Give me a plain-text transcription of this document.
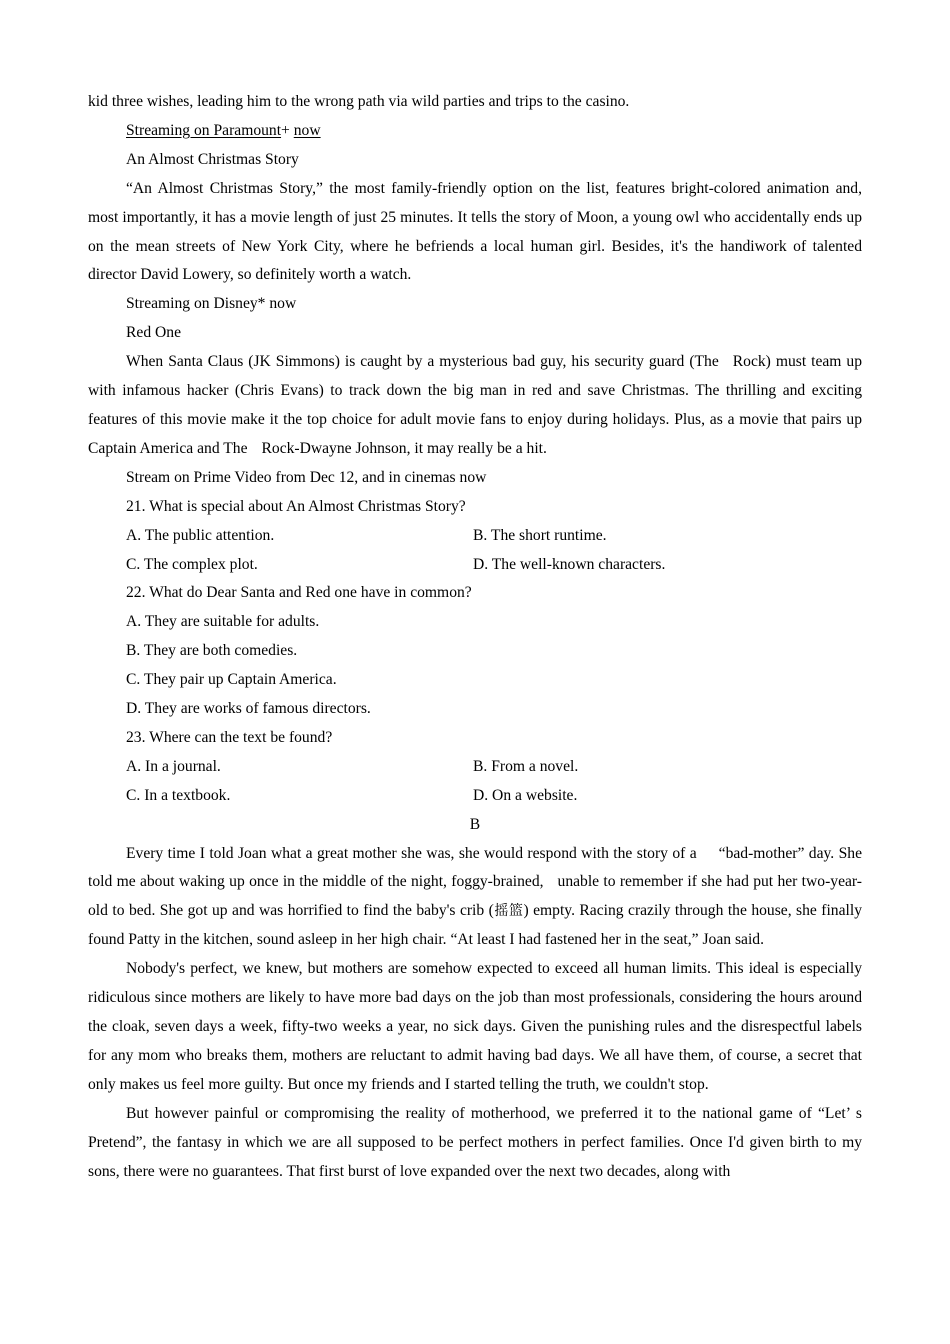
kid three wishes, leading him to the wrong path via wild parties and trips to the casino.

Streaming on Paramount+ now

An Almost Christmas Story

“An Almost Christmas Story,” the most family-friendly option on the list, features bright-colored animation and, most importantly, it has a movie length of just 25 minutes. It tells the story of Moon, a young owl who accidentally ends up on the mean streets of New York City, where he befriends a local human girl. Besides, it's the handiwork of talented director David Lowery, so definitely worth a watch.

Streaming on Disney* now

Red One

When Santa Claus (JK Simmons) is caught by a mysterious bad guy, his security guard (The Rock) must team up with infamous hacker (Chris Evans) to track down the big man in red and save Christmas. The thrilling and exciting features of this movie make it the top choice for adult movie fans to enjoy during holidays. Plus, as a movie that pairs up Captain America and The Rock-Dwayne Johnson, it may really be a hit.

Stream on Prime Video from Dec 12, and in cinemas now

21. What is special about An Almost Christmas Story?
A. The public attention.	B. The short runtime.
C. The complex plot.	D. The well-known characters.
22. What do Dear Santa and Red one have in common?
A. They are suitable for adults.
B. They are both comedies.
C. They pair up Captain America.
D. They are works of famous directors.
23. Where can the text be found?
A. In a journal.	B. From a novel.
C. In a textbook.	D. On a website.

B

Every time I told Joan what a great mother she was, she would respond with the story of a “bad-mother” day. She told me about waking up once in the middle of the night, foggy-brained, unable to remember if she had put her two-year-old to bed. She got up and was horrified to find the baby's crib (摇篮) empty. Racing crazily through the house, she finally found Patty in the kitchen, sound asleep in her high chair. “At least I had fastened her in the seat,” Joan said.

Nobody's perfect, we knew, but mothers are somehow expected to exceed all human limits. This ideal is especially ridiculous since mothers are likely to have more bad days on the job than most professionals, considering the hours around the cloak, seven days a week, fifty-two weeks a year, no sick days. Given the punishing rules and the disrespectful labels for any mom who breaks them, mothers are reluctant to admit having bad days. We all have them, of course, a secret that only makes us feel more guilty. But once my friends and I started telling the truth, we couldn't stop.

But however painful or compromising the reality of motherhood, we preferred it to the national game of “Let’ s Pretend”, the fantasy in which we are all supposed to be perfect mothers in perfect families. Once I'd given birth to my sons, there were no guarantees. That first burst of love expanded over the next two decades, along with
